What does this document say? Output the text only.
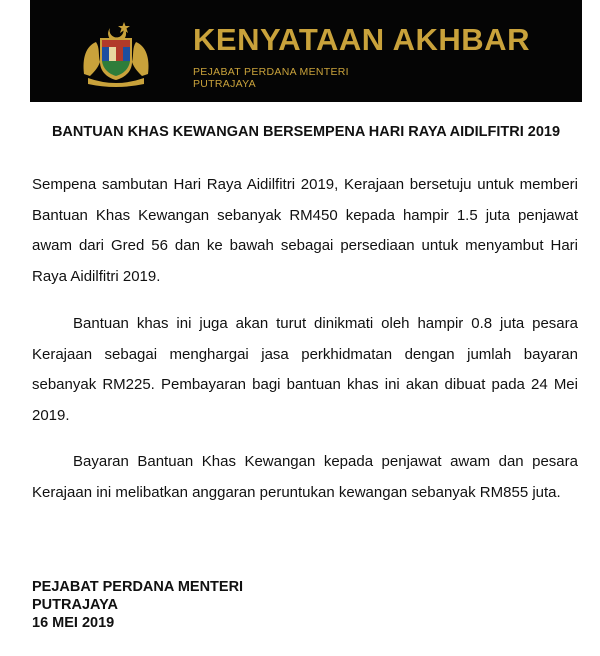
KENYATAAN AKHBAR
PEJABAT PERDANA MENTERI
PUTRAJAYA
BANTUAN KHAS KEWANGAN BERSEMPENA HARI RAYA AIDILFITRI 2019

Sempena sambutan Hari Raya Aidilfitri 2019, Kerajaan bersetuju untuk memberi Bantuan Khas Kewangan sebanyak RM450 kepada hampir 1.5 juta penjawat awam dari Gred 56 dan ke bawah sebagai persediaan untuk menyambut Hari Raya Aidilfitri 2019.

Bantuan khas ini juga akan turut dinikmati oleh hampir 0.8 juta pesara Kerajaan sebagai menghargai jasa perkhidmatan dengan jumlah bayaran sebanyak RM225. Pembayaran bagi bantuan khas ini akan dibuat pada 24 Mei 2019.

Bayaran Bantuan Khas Kewangan kepada penjawat awam dan pesara Kerajaan ini melibatkan anggaran peruntukan kewangan sebanyak RM855 juta.

PEJABAT PERDANA MENTERI
PUTRAJAYA
16 MEI 2019
